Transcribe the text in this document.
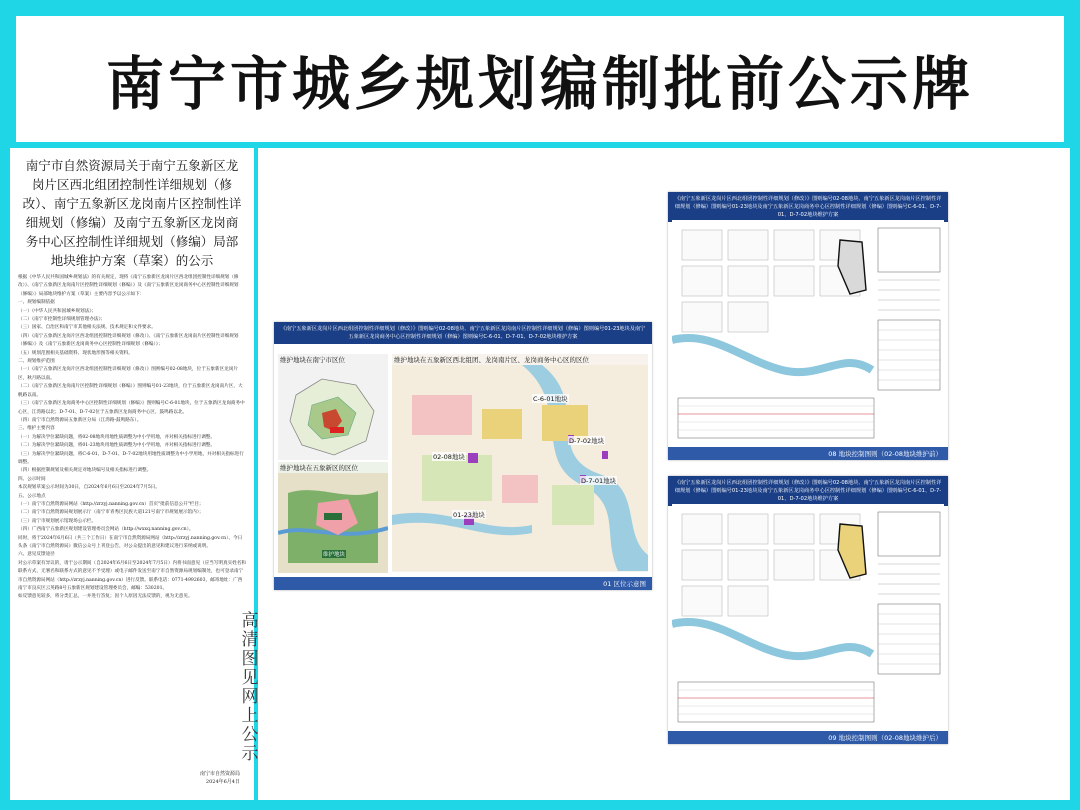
南宁市城乡规划编制批前公示牌
南宁市自然资源局关于南宁五象新区龙岗片区西北组团控制性详细规划（修改）、南宁五象新区龙岗南片区控制性详细规划（修编）及南宁五象新区龙岗商务中心区控制性详细规划（修编）局部地块维护方案（草案）的公示

根据《中华人民共和国城乡规划法》的有关规定，现将《南宁五象新区龙岗片区西北组团控制性详细规划（修改）》、《南宁五象新区龙岗南片区控制性详细规划（修编）》及《南宁五象新区龙岗商务中心区控制性详细规划（修编）》局部地块维护方案（草案）主要内容予以公示如下：

一、规划编制依据

（一）《中华人民共和国城乡规划法》；

（二）《南宁市控制性详细规划管理办法》；

（三）国家、自治区和南宁市其他相关法规、技术规定和文件要求。

（四）《南宁五象新区龙岗片区西北组团控制性详细规划（修改）》、《南宁五象新区龙岗南片区控制性详细规划（修编）》及《南宁五象新区龙岗商务中心区控制性详细规划（修编）》；

（五）规划范围相关基础资料、现状地形图等相关资料。

二、规划维护范围

（一）《南宁五象新区龙岗片区西北组团控制性详细规划（修改）》图则编号02-08地块，位于五象新区龙岗片区，秋月路以南。

（二）《南宁五象新区龙岗南片区控制性详细规划（修编）》图则编号01-23地块，位于五象新区龙岗南片区，大帆路以南。

（三）《南宁五象新区龙岗商务中心区控制性详细规划（修编）》图则编号C-6-01地块，位于五象新区龙岗商务中心区，江湾路以北；D-7-01、D-7-02位于五象新区龙岗商务中心区，鼓鸣路以北。

（四）南宁市自然资源局五象新区分局（江湾路-鼓鸣路东）。

三、维护主要内容

（一）为解决学位紧缺问题，将02-08地块用地性质调整为中小学用地，并对相关指标进行调整。

（二）为解决学位紧缺问题，将01-23地块用地性质调整为中小学用地，并对相关指标进行调整。

（三）为解决学位紧缺问题，将C-6-01、D-7-01、D-7-02地块用地性质调整为中小学用地，并对相关指标进行调整。

（四）根据控制规划及相关规定对地块编号及相关指标进行调整。

四、公示时间

本次规划草案公示时间为30日，自2024年6月6日至2024年7月5日。

五、公示地点

（一）南宁市自然资源局网站（http://zrzyj.nanning.gov.cn）首页"批前信息公开"栏目；

（二）南宁市自然资源局规划展示厅（南宁市青秀区民族大道121号南宁市规划展示馆内）；

（三）南宁市规划展示馆现场公示栏。

（四）广西南宁五象新区规划建设管理委员会网站（http://wxxq.nanning.gov.cn）。

同时，将于2024年6月6日（共三个工作日）在南宁市自然资源局网站（http://zrzyj.nanning.gov.cn）、今日头条《南宁市自然资源局》微信公众号上刊登公告，对公众提出的意见和建议进行采纳或说明。

六、意见反馈途径

对公示草案有异议的，请于公示期间（自2024年6月6日至2024年7月5日）内将书面意见（应当写明真实姓名和联系方式，无署名和联系方式的意见不予受理）或电子邮件发送至南宁市自然资源局规划编制处，也可登录南宁市自然资源局网站（http://zrzyj.nanning.gov.cn）进行反馈。联系电话：0771-4992603，邮寄地址：广西南宁市良庆区云英路8号五象新区规划建设管理委员会，邮编：530201。

如反馈意见较多，将分类汇总，一并进行答复；因个人原因无法反馈的，视为无意见。

南宁市自然资源局
2024年6月4日
高清图见网上公示
《南宁五象新区龙岗片区西北组团控制性详细规划（修改）》图则编号02-08地块、南宁五象新区龙岗南片区控制性详细规划（修编）图则编号01-23地块及南宁五象新区龙岗商务中心区控制性详细规划（修编）图则编号C-6-01、D-7-01、D-7-02地块维护方案
维护地块在南宁市区位
维护地块在五象新区的区位
维护地块
维护地块在五象新区西北组团、龙岗南片区、龙岗商务中心区的区位
C-6-01地块
D-7-02地块
02-08地块
D-7-01地块
01-23地块
01 区位示意图
《南宁五象新区龙岗片区西北组团控制性详细规划（修改）》图则编号02-08地块、南宁五象新区龙岗南片区控制性详细规划（修编）图则编号01-23地块及南宁五象新区龙岗商务中心区控制性详细规划（修编）图则编号C-6-01、D-7-01、D-7-02地块维护方案
08 地块控制图则（02-08地块维护前）
《南宁五象新区龙岗片区西北组团控制性详细规划（修改）》图则编号02-08地块、南宁五象新区龙岗南片区控制性详细规划（修编）图则编号01-23地块及南宁五象新区龙岗商务中心区控制性详细规划（修编）图则编号C-6-01、D-7-01、D-7-02地块维护方案
09 地块控制图则（02-08地块维护后）
